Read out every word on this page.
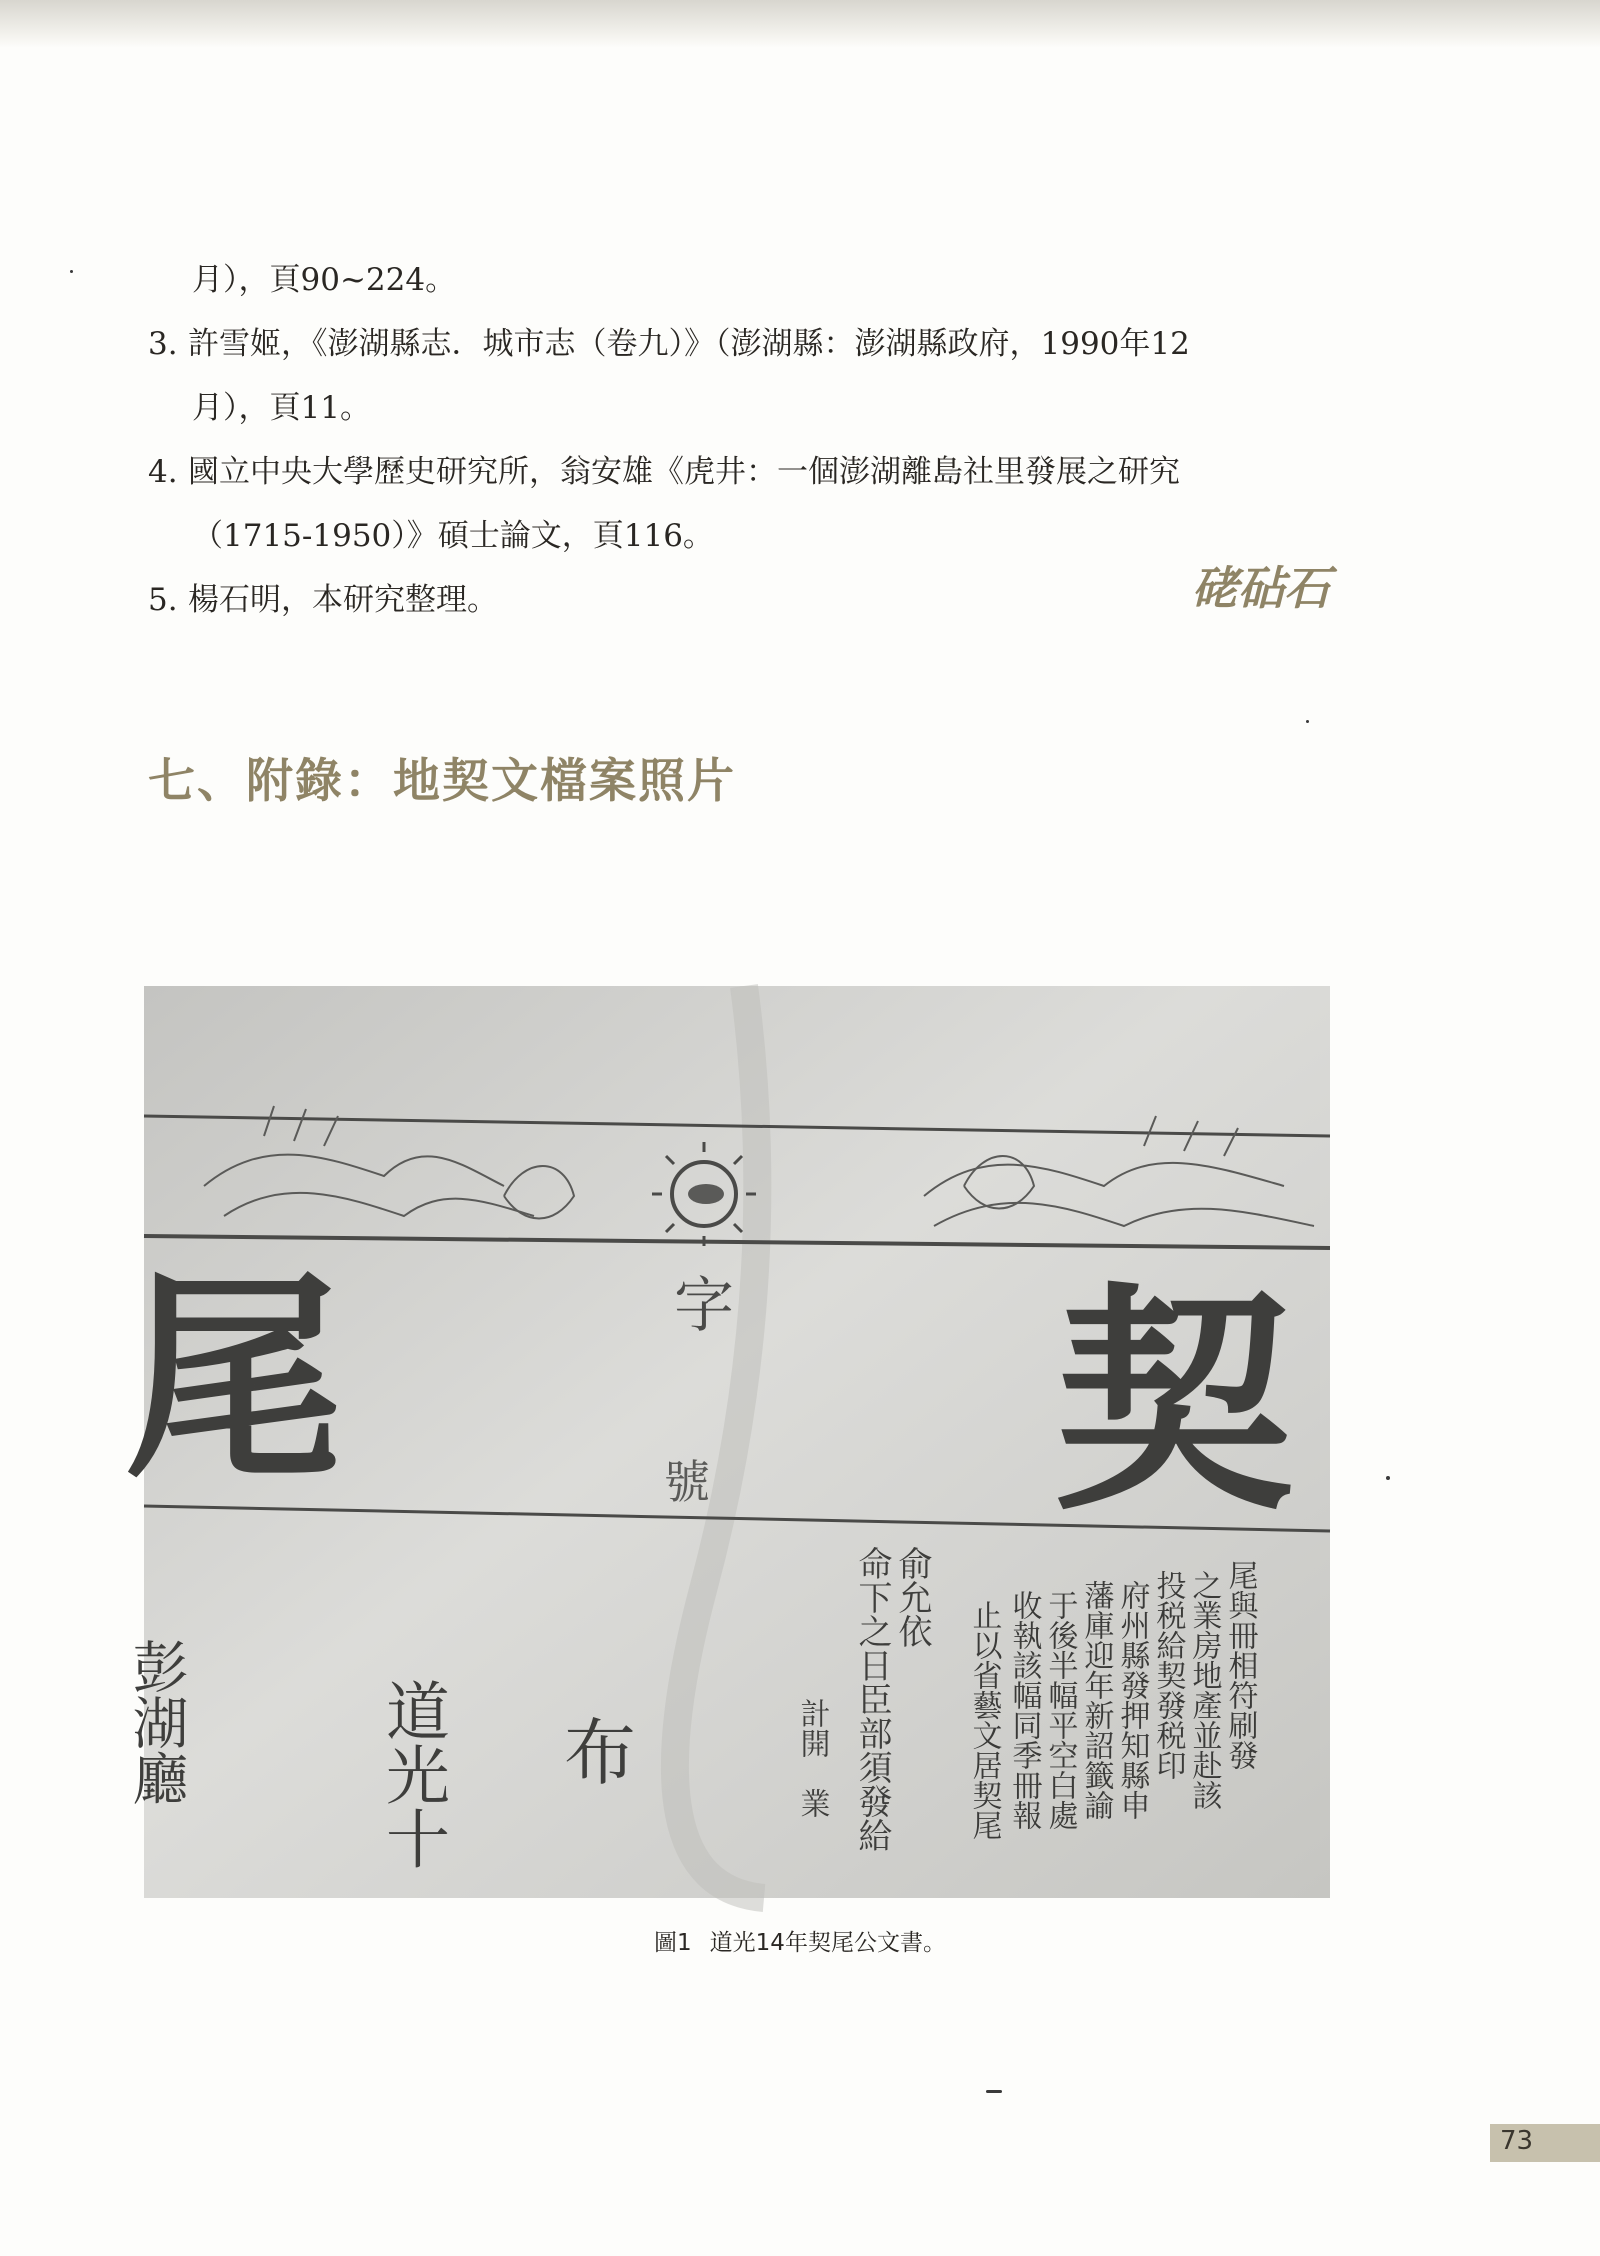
月），頁90~224。
3. 許雪姬，《澎湖縣志．城市志（卷九）》（澎湖縣：澎湖縣政府，1990年12
月），頁11。
4. 國立中央大學歷史研究所，翁安雄《虎井：一個澎湖離島社里發展之研究
（1715-1950）》碩士論文，頁116。
5. 楊石明，本研究整理。	硓砧石
七、附錄：地契文檔案照片
尾	契
字
號
道光十 布
彭湖廳
俞允依
命下之日臣部須發給
計開　業	止以省藝文居契尾 收執該幅同季冊報 于後半幅平空白處 藩庫迎年新詔籤諭 府州縣發押知縣申 投税給契發税印 之業房地產並赴該 尾與冊相符刷發
圖1 道光14年契尾公文書。
73
